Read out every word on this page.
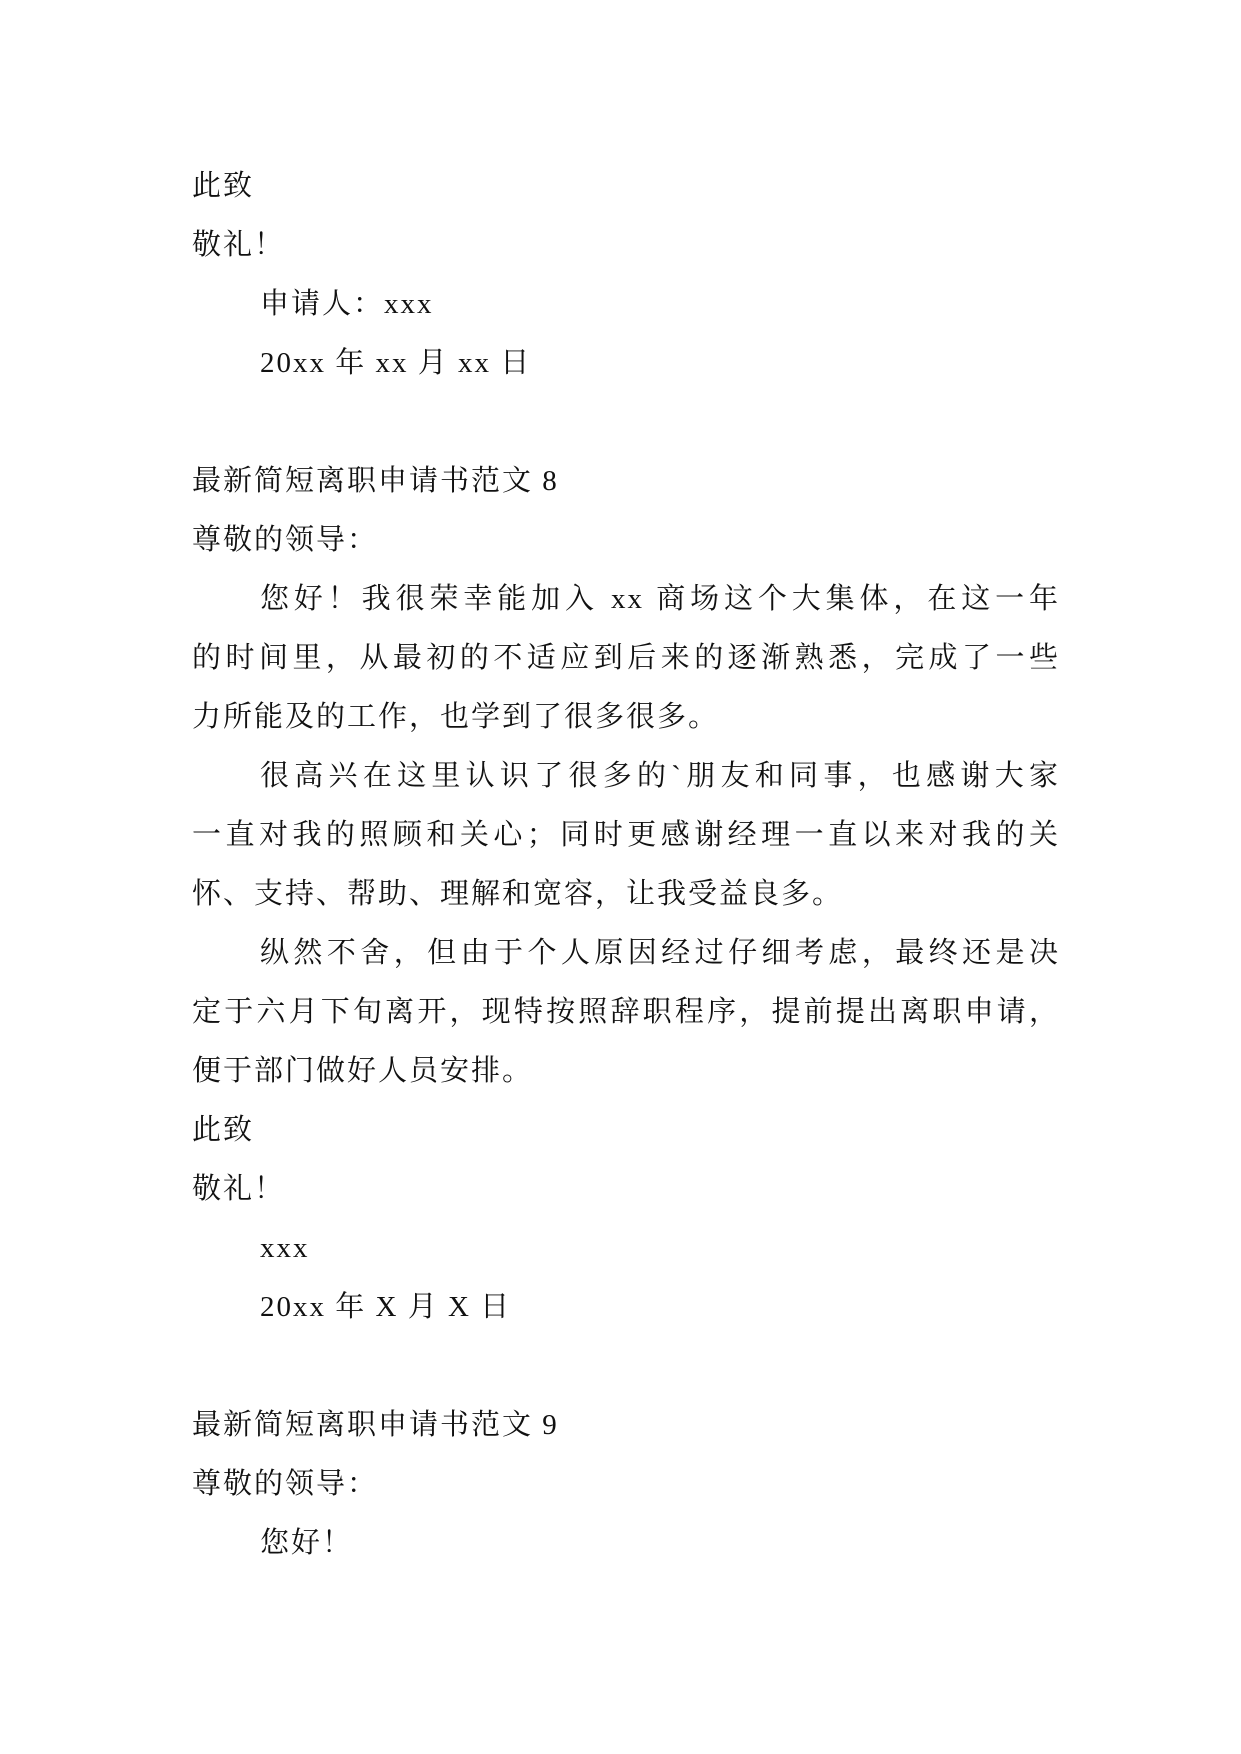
此致
敬礼！
申请人：xxx
20xx 年 xx 月 xx 日
最新简短离职申请书范文 8
尊敬的领导：
您好！我很荣幸能加入 xx 商场这个大集体，在这一年
的时间里，从最初的不适应到后来的逐渐熟悉，完成了一些
力所能及的工作，也学到了很多很多。
很高兴在这里认识了很多的`朋友和同事，也感谢大家
一直对我的照顾和关心；同时更感谢经理一直以来对我的关
怀、支持、帮助、理解和宽容，让我受益良多。
纵然不舍，但由于个人原因经过仔细考虑，最终还是决
定于六月下旬离开，现特按照辞职程序，提前提出离职申请，
便于部门做好人员安排。
此致
敬礼！
xxx
20xx 年 X 月 X 日
最新简短离职申请书范文 9
尊敬的领导：
您好！
